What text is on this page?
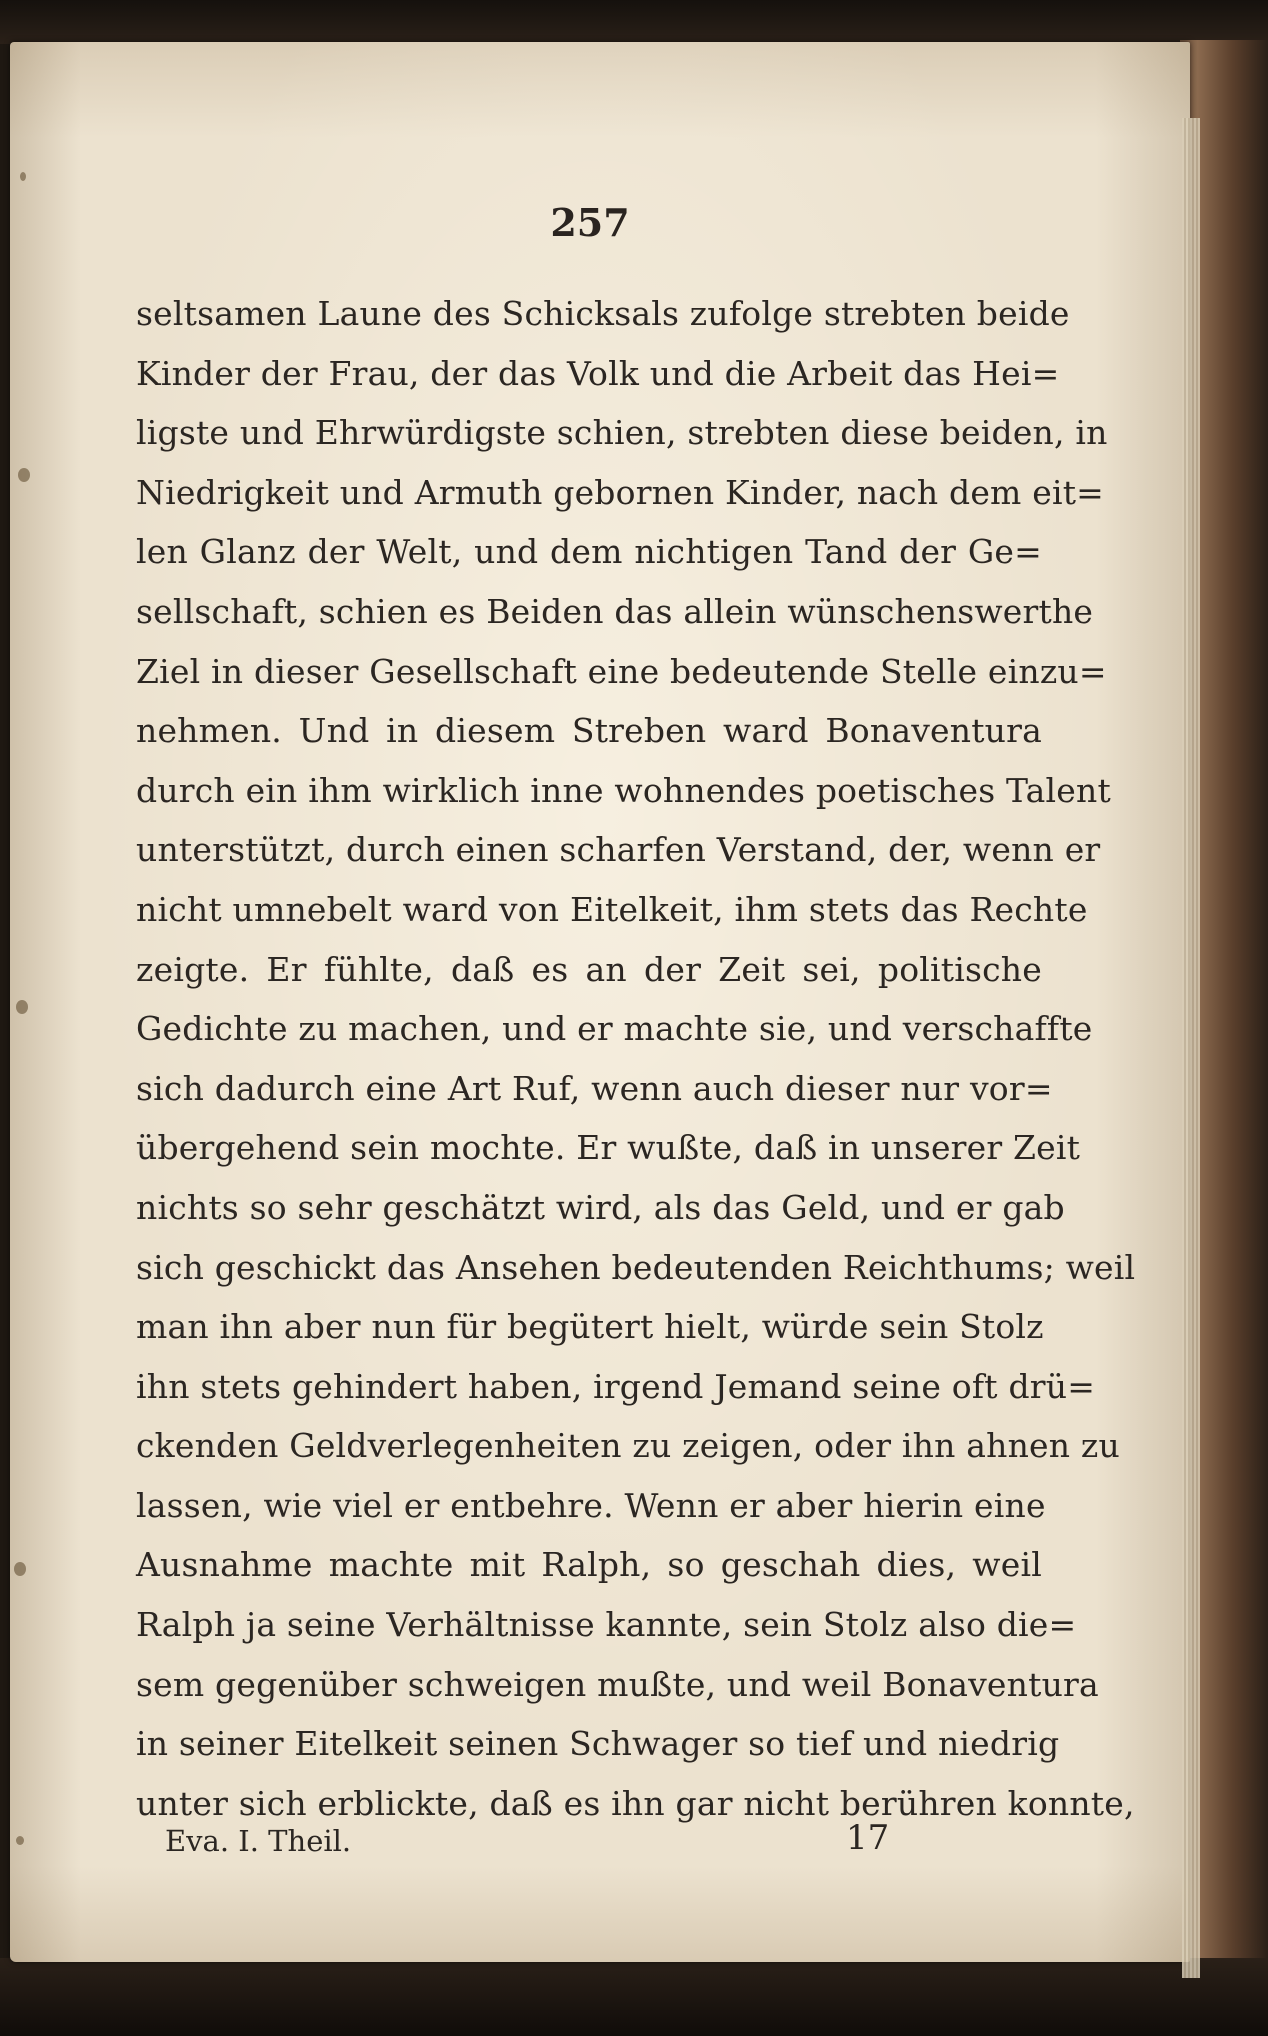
257
seltsamen Laune des Schicksals zufolge strebten beide
Kinder der Frau, der das Volk und die Arbeit das Hei=
ligste und Ehrwürdigste schien, strebten diese beiden, in
Niedrigkeit und Armuth gebornen Kinder, nach dem eit=
len Glanz der Welt, und dem nichtigen Tand der Ge=
sellschaft, schien es Beiden das allein wünschenswerthe
Ziel in dieser Gesellschaft eine bedeutende Stelle einzu=
nehmen. Und in diesem Streben ward Bonaventura
durch ein ihm wirklich inne wohnendes poetisches Talent
unterstützt, durch einen scharfen Verstand, der, wenn er
nicht umnebelt ward von Eitelkeit, ihm stets das Rechte
zeigte. Er fühlte, daß es an der Zeit sei, politische
Gedichte zu machen, und er machte sie, und verschaffte
sich dadurch eine Art Ruf, wenn auch dieser nur vor=
übergehend sein mochte. Er wußte, daß in unserer Zeit
nichts so sehr geschätzt wird, als das Geld, und er gab
sich geschickt das Ansehen bedeutenden Reichthums; weil
man ihn aber nun für begütert hielt, würde sein Stolz
ihn stets gehindert haben, irgend Jemand seine oft drü=
ckenden Geldverlegenheiten zu zeigen, oder ihn ahnen zu
lassen, wie viel er entbehre. Wenn er aber hierin eine
Ausnahme machte mit Ralph, so geschah dies, weil
Ralph ja seine Verhältnisse kannte, sein Stolz also die=
sem gegenüber schweigen mußte, und weil Bonaventura
in seiner Eitelkeit seinen Schwager so tief und niedrig
unter sich erblickte, daß es ihn gar nicht berühren konnte,

Eva. I. Theil.	17
